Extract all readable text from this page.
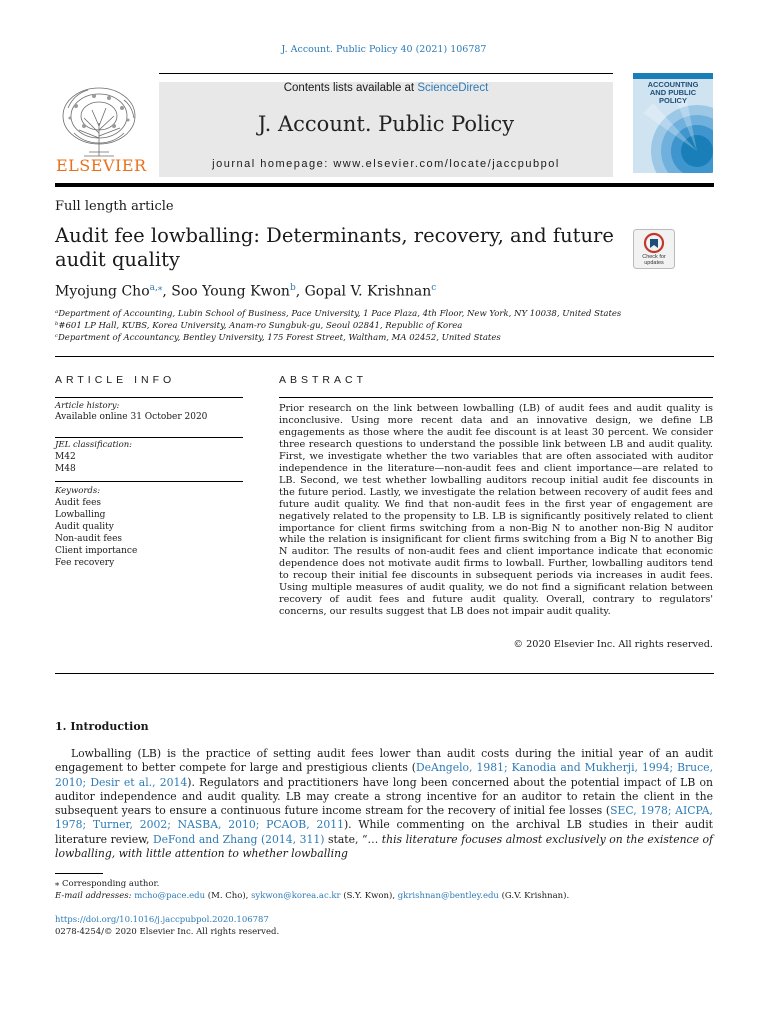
J. Account. Public Policy 40 (2021) 106787
ELSEVIER
Contents lists available at ScienceDirect
J. Account. Public Policy
journal homepage: www.elsevier.com/locate/jaccpubpol
ACCOUNTING
AND PUBLIC
POLICY
Full length article
Audit fee lowballing: Determinants, recovery, and future audit quality	Check for updates
Myojung Cho$^{a,⁎}$, Soo Young Kwon$^b$, Gopal V. Krishnan$^c$
ᵃDepartment of Accounting, Lubin School of Business, Pace University, 1 Pace Plaza, 4th Floor, New York, NY 10038, United States
ᵇ#601 LP Hall, KUBS, Korea University, Anam-ro Sungbuk-gu, Seoul 02841, Republic of Korea
ᶜDepartment of Accountancy, Bentley University, 175 Forest Street, Waltham, MA 02452, United States
ARTICLE INFO
Article history:
Available online 31 October 2020
JEL classification:
M42
M48
Keywords:
Audit fees
Lowballing
Audit quality
Non-audit fees
Client importance
Fee recovery
ABSTRACT
Prior research on the link between lowballing (LB) of audit fees and audit quality is inconclusive. Using more recent data and an innovative design, we define LB engagements as those where the audit fee discount is at least 30 percent. We consider three research questions to understand the possible link between LB and audit quality. First, we investigate whether the two variables that are often associated with auditor independence in the literature—non-audit fees and client importance—are related to LB. Second, we test whether lowballing auditors recoup initial audit fee discounts in the future period. Lastly, we investigate the relation between recovery of audit fees and future audit quality. We find that non-audit fees in the first year of engagement are negatively related to the propensity to LB. LB is significantly positively related to client importance for client firms switching from a non-Big N to another non-Big N auditor while the relation is insignificant for client firms switching from a Big N to another Big N auditor. The results of non-audit fees and client importance indicate that economic dependence does not motivate audit firms to lowball. Further, lowballing auditors tend to recoup their initial fee discounts in subsequent periods via increases in audit fees. Using multiple measures of audit quality, we do not find a significant relation between recovery of audit fees and future audit quality. Overall, contrary to regulators' concerns, our results suggest that LB does not impair audit quality.
© 2020 Elsevier Inc. All rights reserved.
1. Introduction
Lowballing (LB) is the practice of setting audit fees lower than audit costs during the initial year of an audit engagement to better compete for large and prestigious clients (DeAngelo, 1981; Kanodia and Mukherji, 1994; Bruce, 2010; Desir et al., 2014). Regulators and practitioners have long been concerned about the potential impact of LB on auditor independence and audit quality. LB may create a strong incentive for an auditor to retain the client in the subsequent years to ensure a continuous future income stream for the recovery of initial fee losses (SEC, 1978; AICPA, 1978; Turner, 2002; NASBA, 2010; PCAOB, 2011). While commenting on the archival LB studies in their audit literature review, DeFond and Zhang (2014, 311) state, “… this literature focuses almost exclusively on the existence of lowballing, with little attention to whether lowballing
⁎ Corresponding author.
E-mail addresses: mcho@pace.edu (M. Cho), sykwon@korea.ac.kr (S.Y. Kwon), gkrishnan@bentley.edu (G.V. Krishnan).
https://doi.org/10.1016/j.jaccpubpol.2020.106787
0278-4254/© 2020 Elsevier Inc. All rights reserved.
